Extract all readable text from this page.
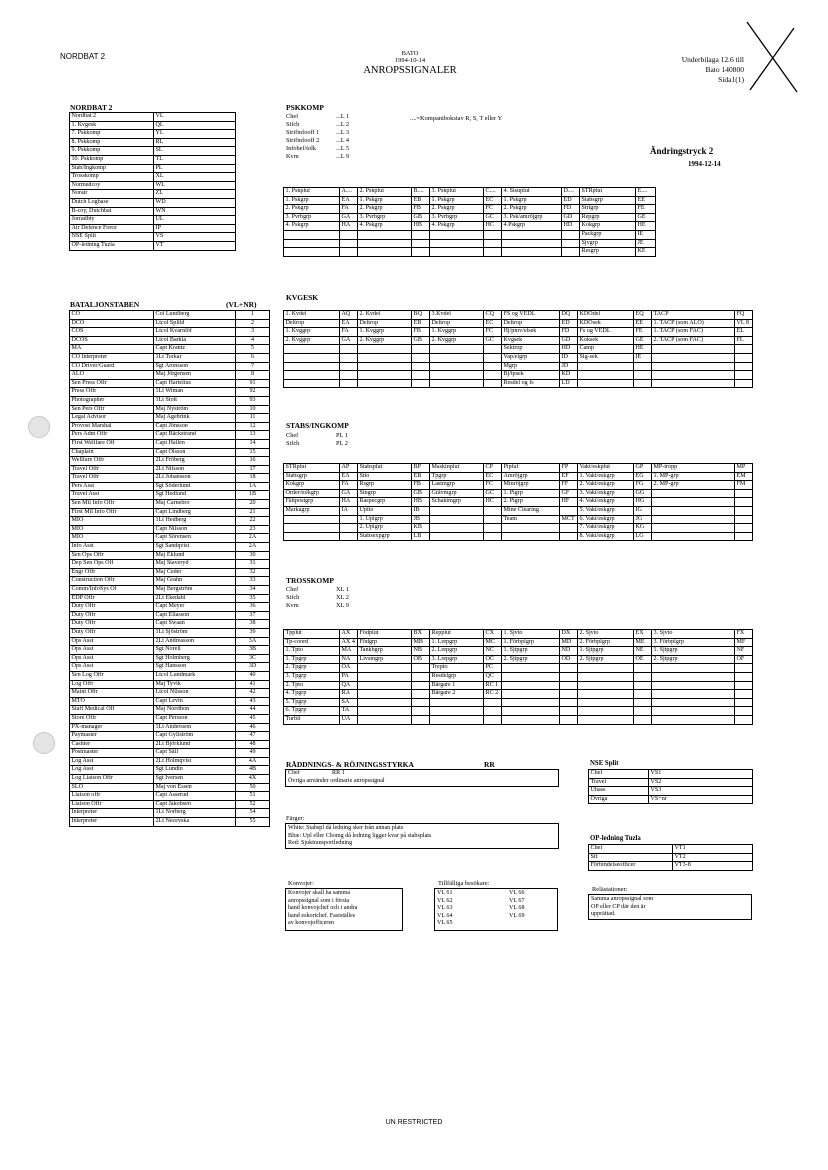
NORDBAT 2	BATO
1994-10-14
ANROPSSIGNALER
Underbilaga 12.6 till
Bato 140800
Sida1(1)
Ändringstryck 2
1994-12-14
NORDBAT 2
Nordbat 2	VL
1. Kvgesk	QL
7. Pskkomp	YL
8. Pskkomp	RL
9. Pskkomp	SL
10. Pskkomp	TL
Stab/Ingkomp	PL
Trosskomp	XL
Normedcoy	WL
Norair	ZL
Dutch Logbase	WD
B-coy, Dutchbat	WN
Jorradbty	UL
Air Defence Force	IP
NSE Split	VS
OP-ledning Tuzla	VT
BATALJONSTABEN	(VL+NR)
CO	Col Lundberg	1
DCO	Ltcol Splild	2
COS	Ltcol Kvarnlöf	3
DCOS	Ltcol Barklá	4
MA	Capt Krantz	5
CO Interpreter	1Lt Torkar	6
CO Driver/Guard	Sgt Aronsson	7
ALO	Maj Jörgensen	8
Sen Press Offr	Capt Hartelius	91
Press Offr	1Lt Wiman	92
Photographer	1Lt Stolt	93
Sen Pers Offr	Maj Nyström	10
Legal Advisor	Maj Agebrink	11
Provost Marshal	Capt Jönsson	12
Pers Adm Offr	Capt Bäckstrand	13
First Wellfare Off	Capt Hallén	14
Chaplain	Capt Olsson	15
Wellfare Offr	2Lt Fröberg	16
Travel Offr	2Lt Nilsson	17
Travel Offr	2Lt Johansson	18
Pers Asst	Sgt Söderlund	1A
Travel Asst	Sgt Hedlund	1B
Sen Mil Info Offr	Maj Carnebro	20
First Mil Info Offr	Capt Lindberg	21
MIO	1Lt Hedberg	22
MIO	Capt Nilsson	23
MIO	Capt Sörensen	2A
Info Asst	Sgt Sandqvist	2A
Sen Ops Offr	Maj Eklund	30
Dep Sen Ops Off	Maj Staveryd	31
Engr Offr	Maj Ceder	32
Construction Offr	Maj Grahn	33
Comm/InfoSys Of	Maj Bergström	34
EDP Offr	2Lt Ekedahl	35
Duty Offr	Capt Meyer	36
Duty Offr	Capt Eliasson	37
Duty Offr	Capt Swaan	38
Duty Offr	1Lt Sjöström	39
Ops Asst	2Lt Andreasson	3A
Ops Asst	Sgt Norell	3B
Ops Asst	Sgt Holmberg	3C
Ops Asst	Sgt Hansson	3D
Sen Log Offr	Ltcol Lundmark	40
Log Offr	Maj Tyvik	41
Maint Offr	Ltcol Nilsson	42
MTO	Capt Levin	43
Staff Medical Off	Maj Norrthon	44
Store Offr	Capt Persson	45
PX-manager	1Lt Andersson	46
Paymaster	Capt Gyllström	47
Cashier	2Lt Björklund	48
Postmaster	Capt Säll	49
Log Asst	2Lt Holmqvist	4A
Log Asst	Sgt Lundin	4B
Log Liaison Offr	Sgt Iversen	4X
SLO	Maj von Essen	50
Liaison offr	Capt Asserud	51
Liaison Offr	Capt Jakobsen	52
Interpreter	1Lt Norberg	54
Interpreter	2Lt Necevska	55
PSKKOMP
Chef	...L 1
Stfch	...L 2
Strifinfooff 1	...L 3
Strifinfooff 2	...L 4
Infobef/tolk	...L 5
Kvm	...L 9
....=Kompanibokstav R, S, T eller Y
1. Pskplut	A....	2. Pskplut	B....	3. Pskplut	C....	4. Sisuplut	D....	STRplut	E....
1. Pskgrp	EA	1. Pskgrp	EB	1. Pskgrp	EC	1. Pskgrp	ED	Stabsgrp	EE
2. Pskgrp	FA	2. Pskgrp	FB	2. Pskgrp	FC	2. Pskgrp	FD	Strigrp	FE
3. Pvrbgrp	GA	3. Pvrbgrp	GB	3. Pvrbgrp	GC	3. Psk/amröjgrp	GD	Repgrp	GE
4. Pskgrp	HA	4. Pskgrp	HB	4. Pskgrp	HC	4.Pskgrp	HD	Kokgrp	HE
								Packgrp	IE
								Sjvgrp	JE
								Resgrp	KE
KVGESK
1. Kvdel	AQ	2. Kvdel	BQ	3.Kvdel	CQ	FS og VEDL	DQ	KDOdel	EQ	TACP	FQ
Deltrop	EA	Deltrop	EB	Deltrop	EC	Deltrop	ED	KDOsek	EE	1. TACP (som ALO)	VL 8
1. Kvggrp	FA	1. Kvggrp	FB	1. Kvggrp	FC	Hj/pmv/elsek	FD	Fs og VEDL	FE	1. TACP (som FAC)	EL
2. Kvggrp	GA	2. Kvggrp	GB	2. Kvggrp	GC	Kvgsek	GD	Koksek	GE	2. TACP (som FAC)	FL
						Sektrop	HD	Camp	HE		
						Vap/elgrp	ID	Sig-sek	IE		
						Mgrp	JD				
						Bj/tpsek	KD				
						Resdel og fs	LD				
STABS/INGKOMP
Chef	PL 1
Stfch	PL 2
STRplut	AP	Stabsplut	BP	Maskinplut	CP	Pipluf	FP	Vakt/eskplut	GP	MP-tropp	MP
Stabsgrp	EA	Stio	EB	Tpgrp	EC	Amröjgrp	EF	1. Vakt/eskgrp	EG	1. MP-grp	EM
Kokgrp	FA	Rsgrp	FB	Lastmgrp	FC	Minröjgrp	FF	2. Vakt/eskgrp	FG	2. MP-grp	FM
Order/tolkgrp	GA	Stngrp	GB	Grävmgrp	GC	1. Pigrp	GF	3. Vakt/eskgrp	GG		
Fältpostgrp	HA	Raspecgrp	HB	Schaktmgrp	HC	2. Pigrp	HF	4. Vakt/eskgrp	HG		
Markagrp	IA	Uplto	IB			Mine Clearing		5. Vakt/eskgrp	IG		
		1. Uplgrp	JB			Team	MCT	6. Vakt/eskgrp	JG		
		2. Uplgrp	KB					7. Vakt/eskgrp	KG		
		Stabsexpgrp	LB					8. Vakt/eskgrp	LG		
TROSSKOMP
Chef	XL 1
Stfch	XL 2
Kvm	XL 9
Tpplut	AX	Födplut	BX	Repplut	CX	1. Sjvto	DX	2. Sjvto	EX	3. Sjvto	FX
Tp-coord	AX 4	Födgrp	MB	1. Lrepgrp	MC	1. Förbplgrp	MD	2. Förbplgrp	ME	3. Förbplgrp	MF
1. Tpto	MA	Tankbgrp	NB	2. Lrepgrp	NC	1. Sjtpgrp	ND	1. Sjtpgrp	NE	1. Sjtpgrp	NF
1. Tpgrp	NA	Livsmgrp	OB	3. Lrepgrp	OC	2. Sjtpgrp	OD	2. Sjtpgrp	OE	2. Sjtpgrp	OF
2. Tpgrp	OA			Trepto	PC						
3. Tpgrp	PA			Resdelgrp	QC						
2. Tpto	QA			Bärgare 1	RC 1						
4. Tpgrp	RA			Bärgare 2	RC 2						
5. Tpgrp	SA										
6. Tpgrp	TA										
Turbil	UA										
RÄDDNINGS- & RÖJNINGSSTYRKA	RR
Chef	RR 1
Övriga använder ordinarie anropssignal
NSE Split
Chef	VS1
Travel	VS2
Uhass	VS3
Övriga	VS+nr
Färger:
White: Stabspl då ledning sker från annan plats
Blue: Upl eller Chomg då ledning ligger kvar på stabsplats
Red: Sjuktransportledning
OP-ledning Tuzla
Chef	VT1
Stf	VT2
Förbindelseofficer	VT3-8
Konvojer:
Konvojer skall ha samma
anropssignal som i första
hand konvojchef och i andra
hand eskortchef. Fastställes
av konvojofficeren
Tillfälliga besökare:
VL 61
VL 62
VL 63
VL 64
VL 65
VL 66
VL 67
VL 68
VL 69
Relästationer:
Samma anropssignal som
OP eller CP där den är
upprättad.
UN RESTRICTED
